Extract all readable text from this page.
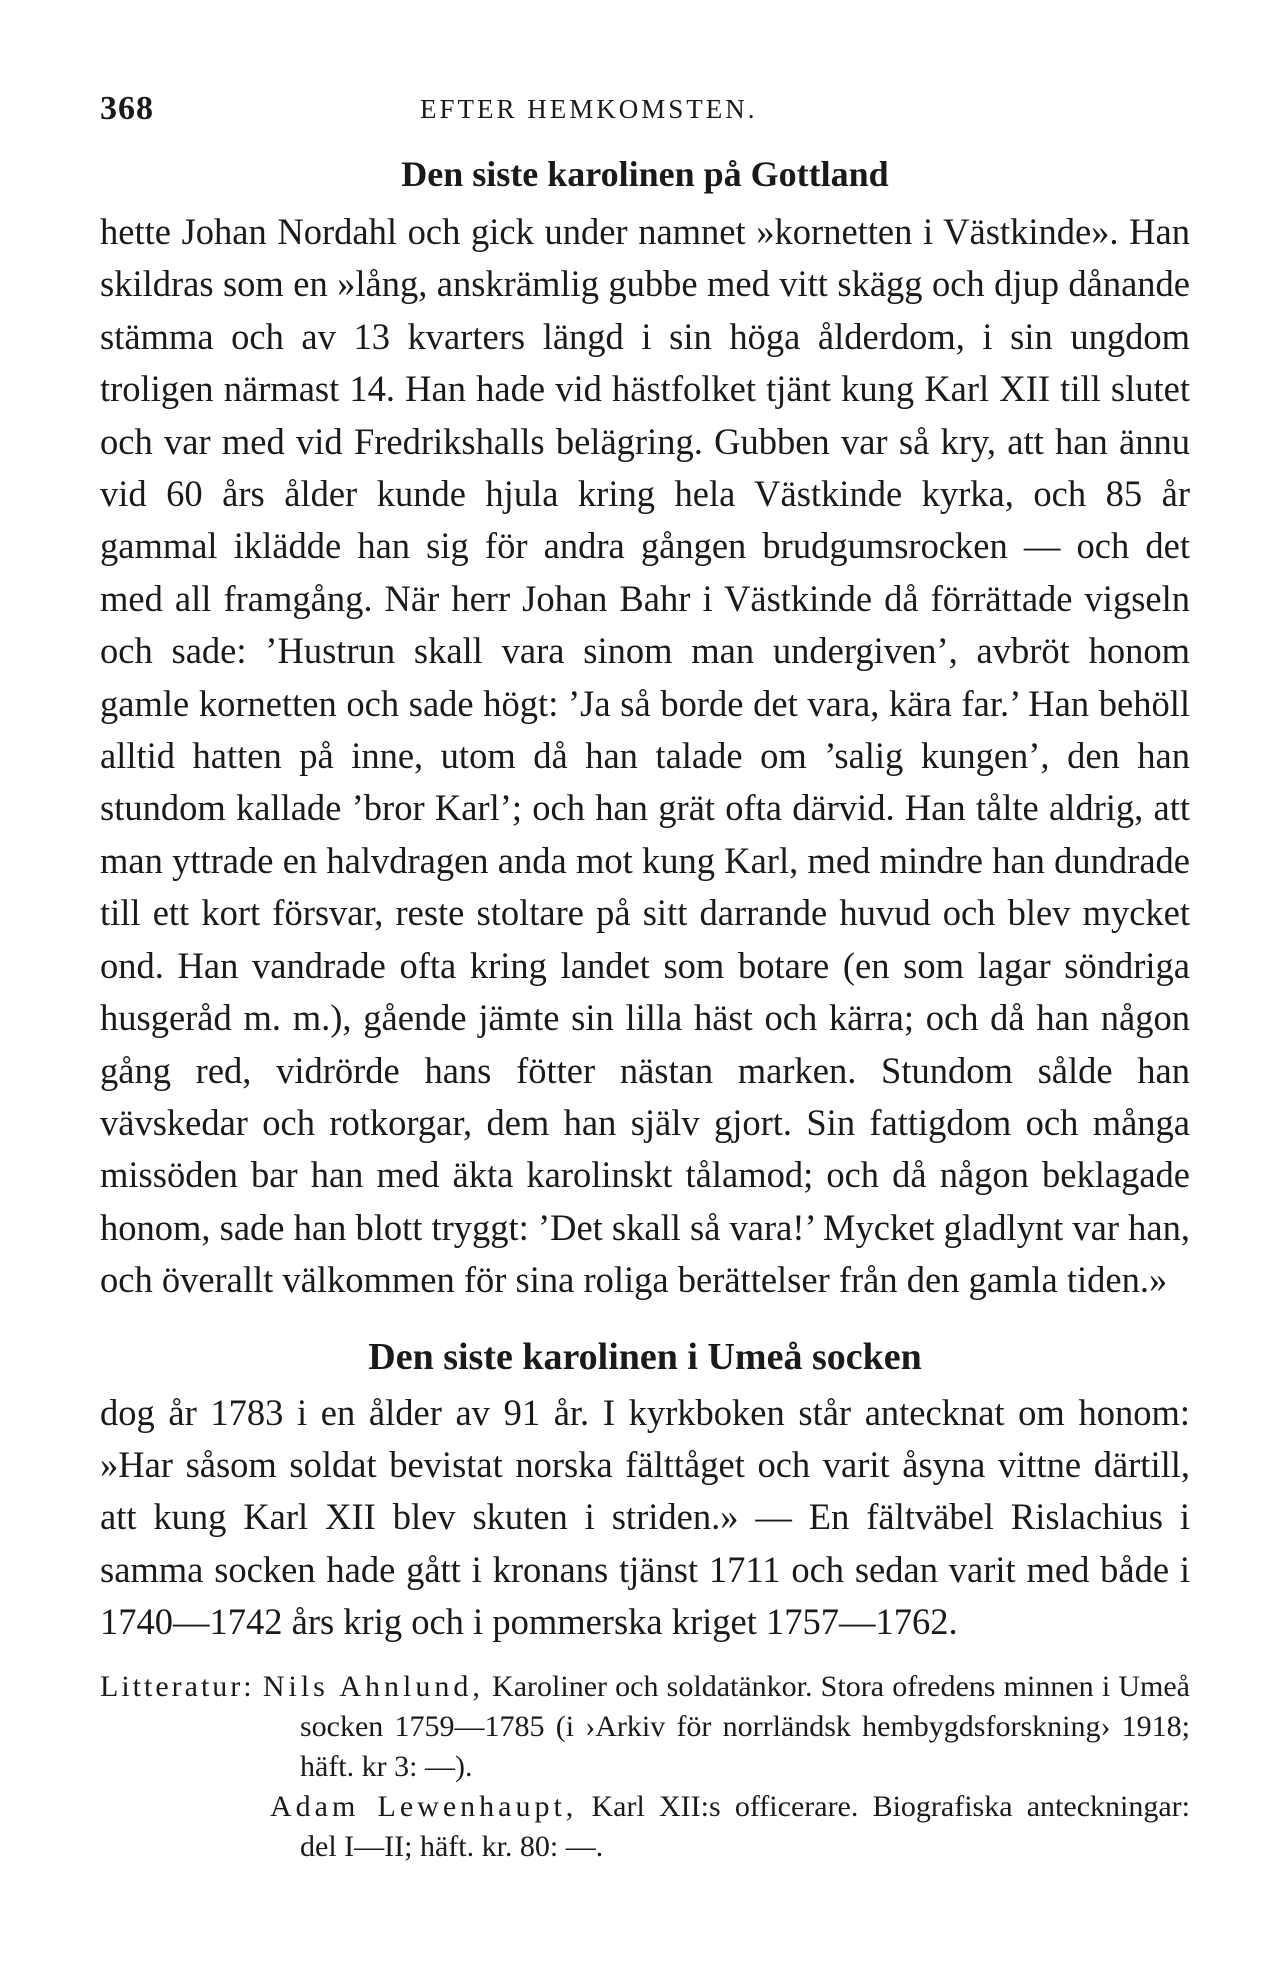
368	EFTER HEMKOMSTEN.
Den siste karolinen på Gottland

hette Johan Nordahl och gick under namnet »kornetten i Västkinde». Han skildras som en »lång, anskrämlig gubbe med vitt skägg och djup dånande stämma och av 13 kvarters längd i sin höga ålderdom, i sin ungdom troligen närmast 14. Han hade vid hästfolket tjänt kung Karl XII till slutet och var med vid Fredrikshalls belägring. Gubben var så kry, att han ännu vid 60 års ålder kunde hjula kring hela Västkinde kyrka, och 85 år gammal iklädde han sig för andra gången brudgumsrocken — och det med all framgång. När herr Johan Bahr i Västkinde då förrättade vigseln och sade: ’Hustrun skall vara sinom man undergiven’, avbröt honom gamle kornetten och sade högt: ’Ja så borde det vara, kära far.’ Han behöll alltid hatten på inne, utom då han talade om ’salig kungen’, den han stundom kallade ’bror Karl’; och han grät ofta därvid. Han tålte aldrig, att man yttrade en halvdragen anda mot kung Karl, med mindre han dundrade till ett kort försvar, reste stoltare på sitt darrande huvud och blev mycket ond. Han vandrade ofta kring landet som botare (en som lagar söndriga husgeråd m. m.), gående jämte sin lilla häst och kärra; och då han någon gång red, vidrörde hans fötter nästan marken. Stundom sålde han vävskedar och rotkorgar, dem han själv gjort. Sin fattigdom och många missöden bar han med äkta karolinskt tålamod; och då någon beklagade honom, sade han blott tryggt: ’Det skall så vara!’ Mycket gladlynt var han, och överallt välkommen för sina roliga berättelser från den gamla tiden.»

Den siste karolinen i Umeå socken

dog år 1783 i en ålder av 91 år. I kyrkboken står antecknat om honom: »Har såsom soldat bevistat norska fälttåget och varit åsyna vittne därtill, att kung Karl XII blev skuten i striden.» — En fältväbel Rislachius i samma socken hade gått i kronans tjänst 1711 och sedan varit med både i 1740—1742 års krig och i pommerska kriget 1757—1762.

Litteratur: Nils Ahnlund, Karoliner och soldatänkor. Stora ofredens minnen i Umeå socken 1759—1785 (i ›Arkiv för norrländsk hembygdsforskning› 1918; häft. kr 3: —).

Adam Lewenhaupt, Karl XII:s officerare. Biografiska anteckningar: del I—II; häft. kr. 80: —.
